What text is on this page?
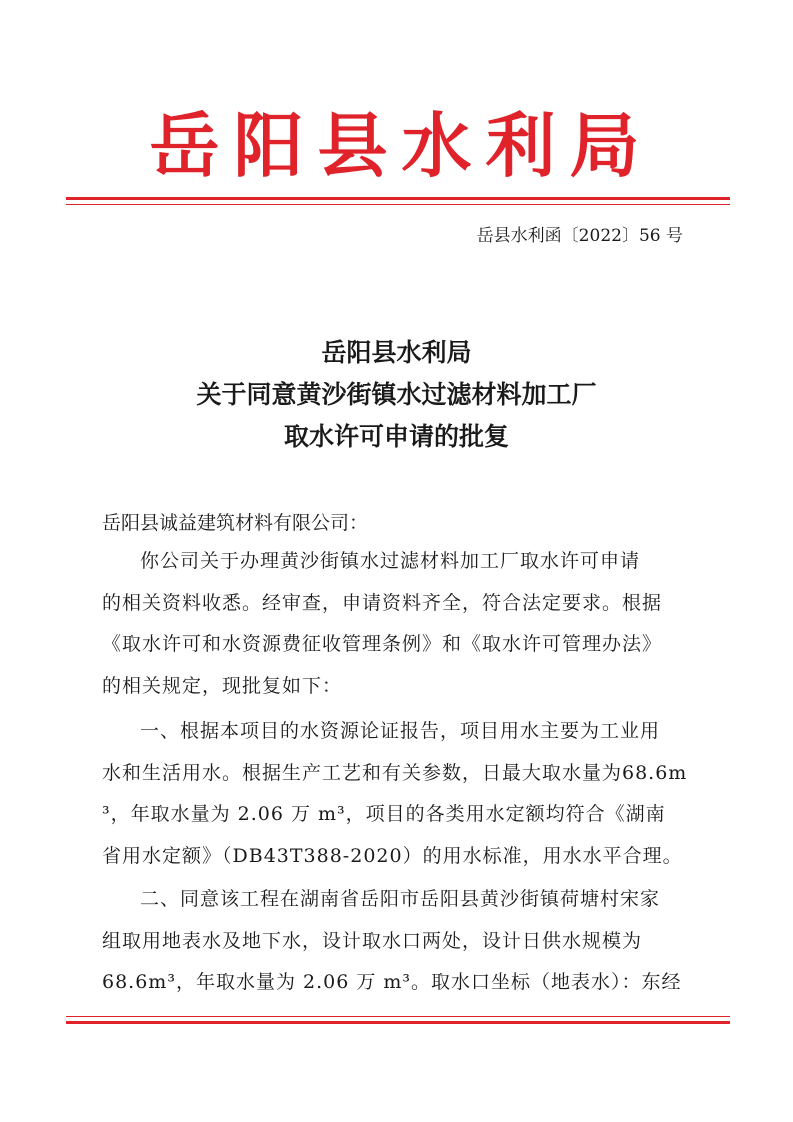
岳阳县水利局
岳县水利函〔2022〕56 号
岳阳县水利局
关于同意黄沙街镇水过滤材料加工厂
取水许可申请的批复
岳阳县诚益建筑材料有限公司：
你公司关于办理黄沙街镇水过滤材料加工厂取水许可申请
的相关资料收悉。经审查，申请资料齐全，符合法定要求。根据
《取水许可和水资源费征收管理条例》和《取水许可管理办法》
的相关规定，现批复如下：
一、根据本项目的水资源论证报告，项目用水主要为工业用
水和生活用水。根据生产工艺和有关参数，日最大取水量为68.6m
³，年取水量为 2.06 万 m³，项目的各类用水定额均符合《湖南
省用水定额》（DB43T388-2020）的用水标准，用水水平合理。
二、同意该工程在湖南省岳阳市岳阳县黄沙街镇荷塘村宋家
组取用地表水及地下水，设计取水口两处，设计日供水规模为
68.6m³，年取水量为 2.06 万 m³。取水口坐标（地表水）：东经
